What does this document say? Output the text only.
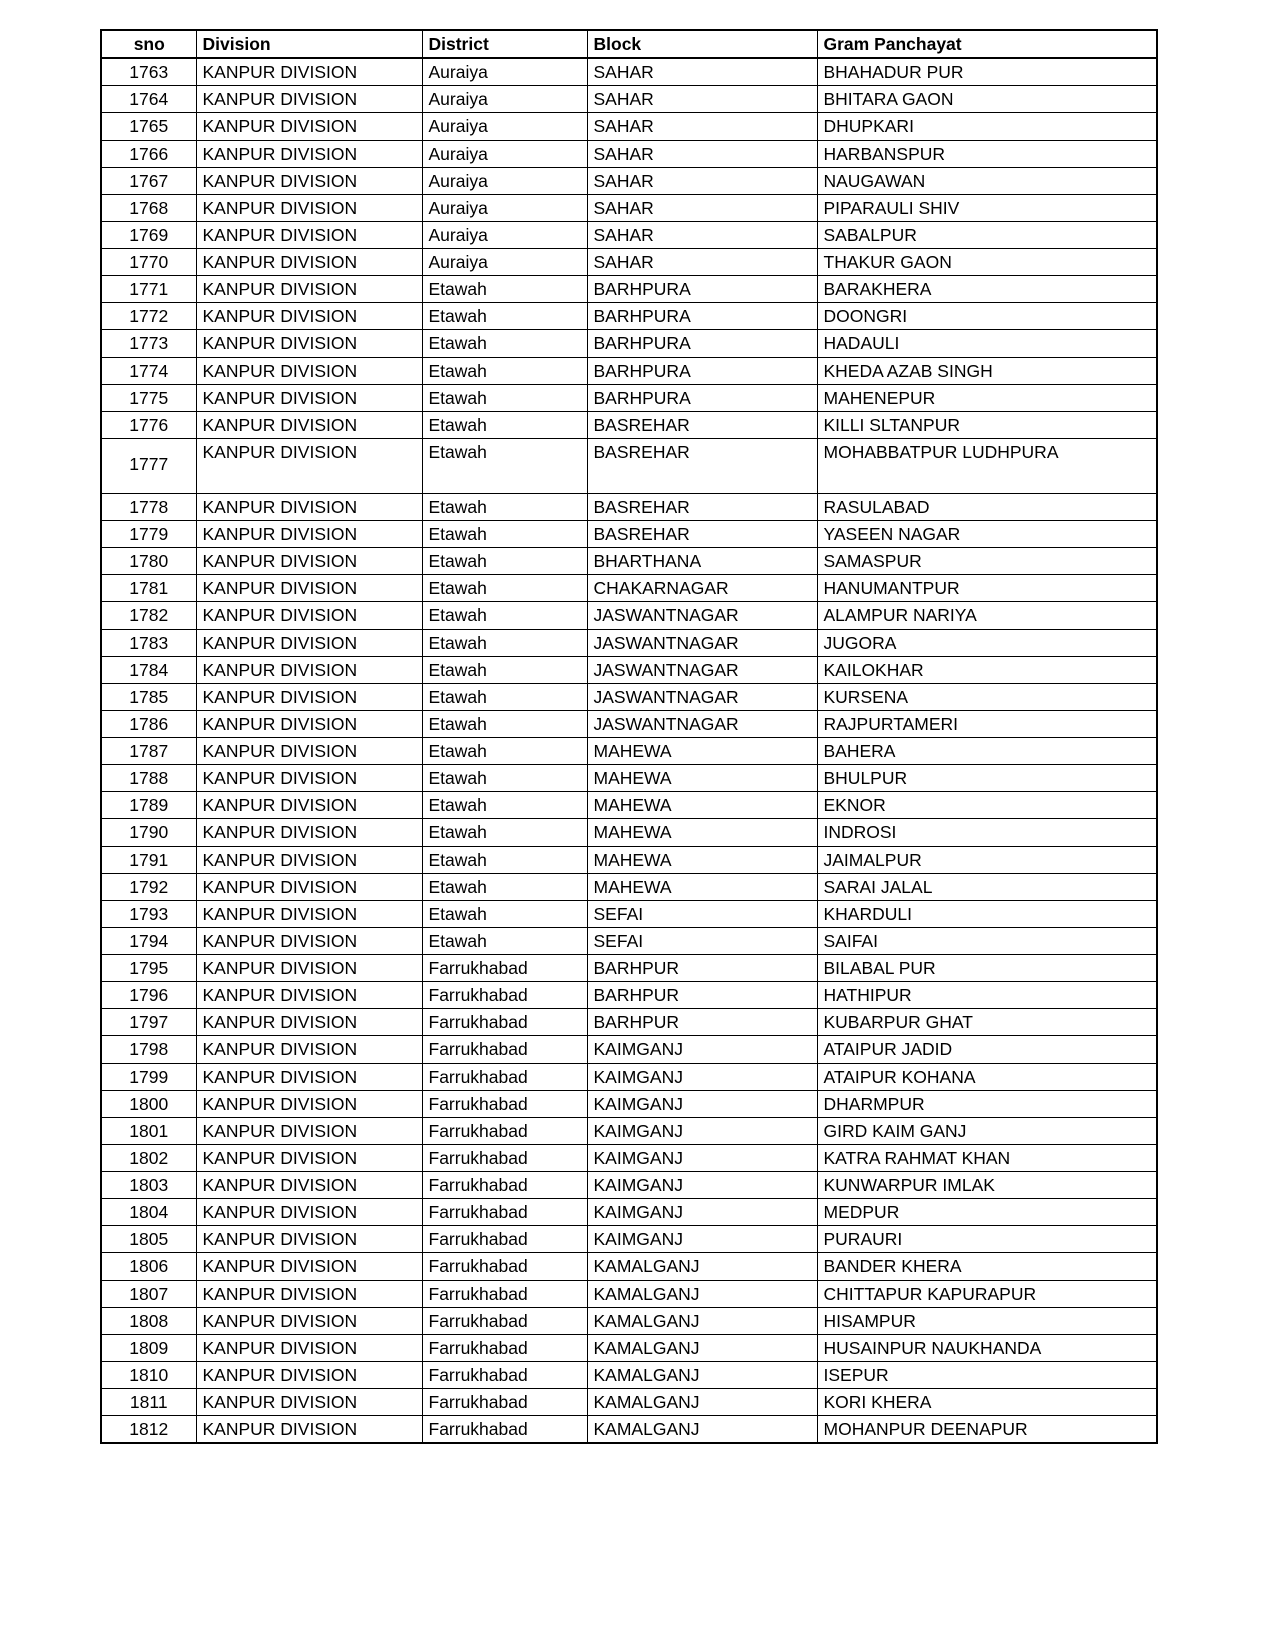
sno	Division	District	Block	Gram Panchayat
1763	KANPUR DIVISION	Auraiya	SAHAR	BHAHADUR PUR
1764	KANPUR DIVISION	Auraiya	SAHAR	BHITARA GAON
1765	KANPUR DIVISION	Auraiya	SAHAR	DHUPKARI
1766	KANPUR DIVISION	Auraiya	SAHAR	HARBANSPUR
1767	KANPUR DIVISION	Auraiya	SAHAR	NAUGAWAN
1768	KANPUR DIVISION	Auraiya	SAHAR	PIPARAULI SHIV
1769	KANPUR DIVISION	Auraiya	SAHAR	SABALPUR
1770	KANPUR DIVISION	Auraiya	SAHAR	THAKUR GAON
1771	KANPUR DIVISION	Etawah	BARHPURA	BARAKHERA
1772	KANPUR DIVISION	Etawah	BARHPURA	DOONGRI
1773	KANPUR DIVISION	Etawah	BARHPURA	HADAULI
1774	KANPUR DIVISION	Etawah	BARHPURA	KHEDA AZAB SINGH
1775	KANPUR DIVISION	Etawah	BARHPURA	MAHENEPUR
1776	KANPUR DIVISION	Etawah	BASREHAR	KILLI SLTANPUR
1777	KANPUR DIVISION	Etawah	BASREHAR	MOHABBATPUR LUDHPURA
1778	KANPUR DIVISION	Etawah	BASREHAR	RASULABAD
1779	KANPUR DIVISION	Etawah	BASREHAR	YASEEN NAGAR
1780	KANPUR DIVISION	Etawah	BHARTHANA	SAMASPUR
1781	KANPUR DIVISION	Etawah	CHAKARNAGAR	HANUMANTPUR
1782	KANPUR DIVISION	Etawah	JASWANTNAGAR	ALAMPUR NARIYA
1783	KANPUR DIVISION	Etawah	JASWANTNAGAR	JUGORA
1784	KANPUR DIVISION	Etawah	JASWANTNAGAR	KAILOKHAR
1785	KANPUR DIVISION	Etawah	JASWANTNAGAR	KURSENA
1786	KANPUR DIVISION	Etawah	JASWANTNAGAR	RAJPURTAMERI
1787	KANPUR DIVISION	Etawah	MAHEWA	BAHERA
1788	KANPUR DIVISION	Etawah	MAHEWA	BHULPUR
1789	KANPUR DIVISION	Etawah	MAHEWA	EKNOR
1790	KANPUR DIVISION	Etawah	MAHEWA	INDROSI
1791	KANPUR DIVISION	Etawah	MAHEWA	JAIMALPUR
1792	KANPUR DIVISION	Etawah	MAHEWA	SARAI JALAL
1793	KANPUR DIVISION	Etawah	SEFAI	KHARDULI
1794	KANPUR DIVISION	Etawah	SEFAI	SAIFAI
1795	KANPUR DIVISION	Farrukhabad	BARHPUR	BILABAL PUR
1796	KANPUR DIVISION	Farrukhabad	BARHPUR	HATHIPUR
1797	KANPUR DIVISION	Farrukhabad	BARHPUR	KUBARPUR GHAT
1798	KANPUR DIVISION	Farrukhabad	KAIMGANJ	ATAIPUR JADID
1799	KANPUR DIVISION	Farrukhabad	KAIMGANJ	ATAIPUR KOHANA
1800	KANPUR DIVISION	Farrukhabad	KAIMGANJ	DHARMPUR
1801	KANPUR DIVISION	Farrukhabad	KAIMGANJ	GIRD KAIM GANJ
1802	KANPUR DIVISION	Farrukhabad	KAIMGANJ	KATRA RAHMAT KHAN
1803	KANPUR DIVISION	Farrukhabad	KAIMGANJ	KUNWARPUR IMLAK
1804	KANPUR DIVISION	Farrukhabad	KAIMGANJ	MEDPUR
1805	KANPUR DIVISION	Farrukhabad	KAIMGANJ	PURAURI
1806	KANPUR DIVISION	Farrukhabad	KAMALGANJ	BANDER KHERA
1807	KANPUR DIVISION	Farrukhabad	KAMALGANJ	CHITTAPUR KAPURAPUR
1808	KANPUR DIVISION	Farrukhabad	KAMALGANJ	HISAMPUR
1809	KANPUR DIVISION	Farrukhabad	KAMALGANJ	HUSAINPUR NAUKHANDA
1810	KANPUR DIVISION	Farrukhabad	KAMALGANJ	ISEPUR
1811	KANPUR DIVISION	Farrukhabad	KAMALGANJ	KORI KHERA
1812	KANPUR DIVISION	Farrukhabad	KAMALGANJ	MOHANPUR DEENAPUR
